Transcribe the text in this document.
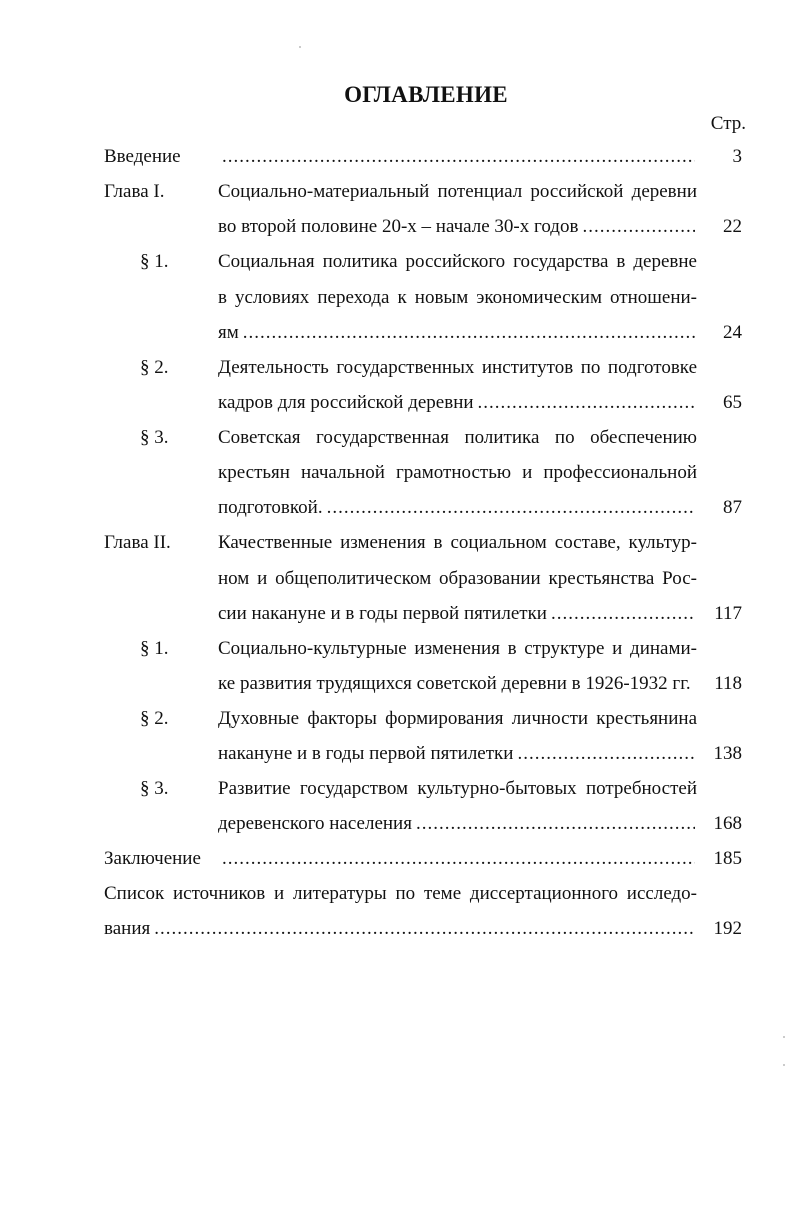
ОГЛАВЛЕНИЕ
Стр.
Введение .....	3
Глава I.	Социально-материальный потенциал российской деревни
во второй половине 20-х – начале 30-х годов .....	22
§ 1.	Социальная политика российского государства в деревне
в условиях перехода к новым экономическим отношени-
ям .....	24
§ 2.	Деятельность государственных институтов по подготовке
кадров для российской деревни .....	65
§ 3.	Советская государственная политика по обеспечению
крестьян начальной грамотностью и профессиональной
подготовкой. .....	87
Глава II.	Качественные изменения в социальном составе, культур-
ном и общеполитическом образовании крестьянства Рос-
сии накануне и в годы первой пятилетки .....	117
§ 1.	Социально-культурные изменения в структуре и динами-
ке развития трудящихся советской деревни в 1926-1932 гг. 118
§ 2.	Духовные факторы формирования личности крестьянина
накануне и в годы первой пятилетки .....	138
§ 3.	Развитие государством культурно-бытовых потребностей
деревенского населения .....	168
Заключение .....	185
Список источников и литературы по теме диссертационного исследо-
вания .....	192
